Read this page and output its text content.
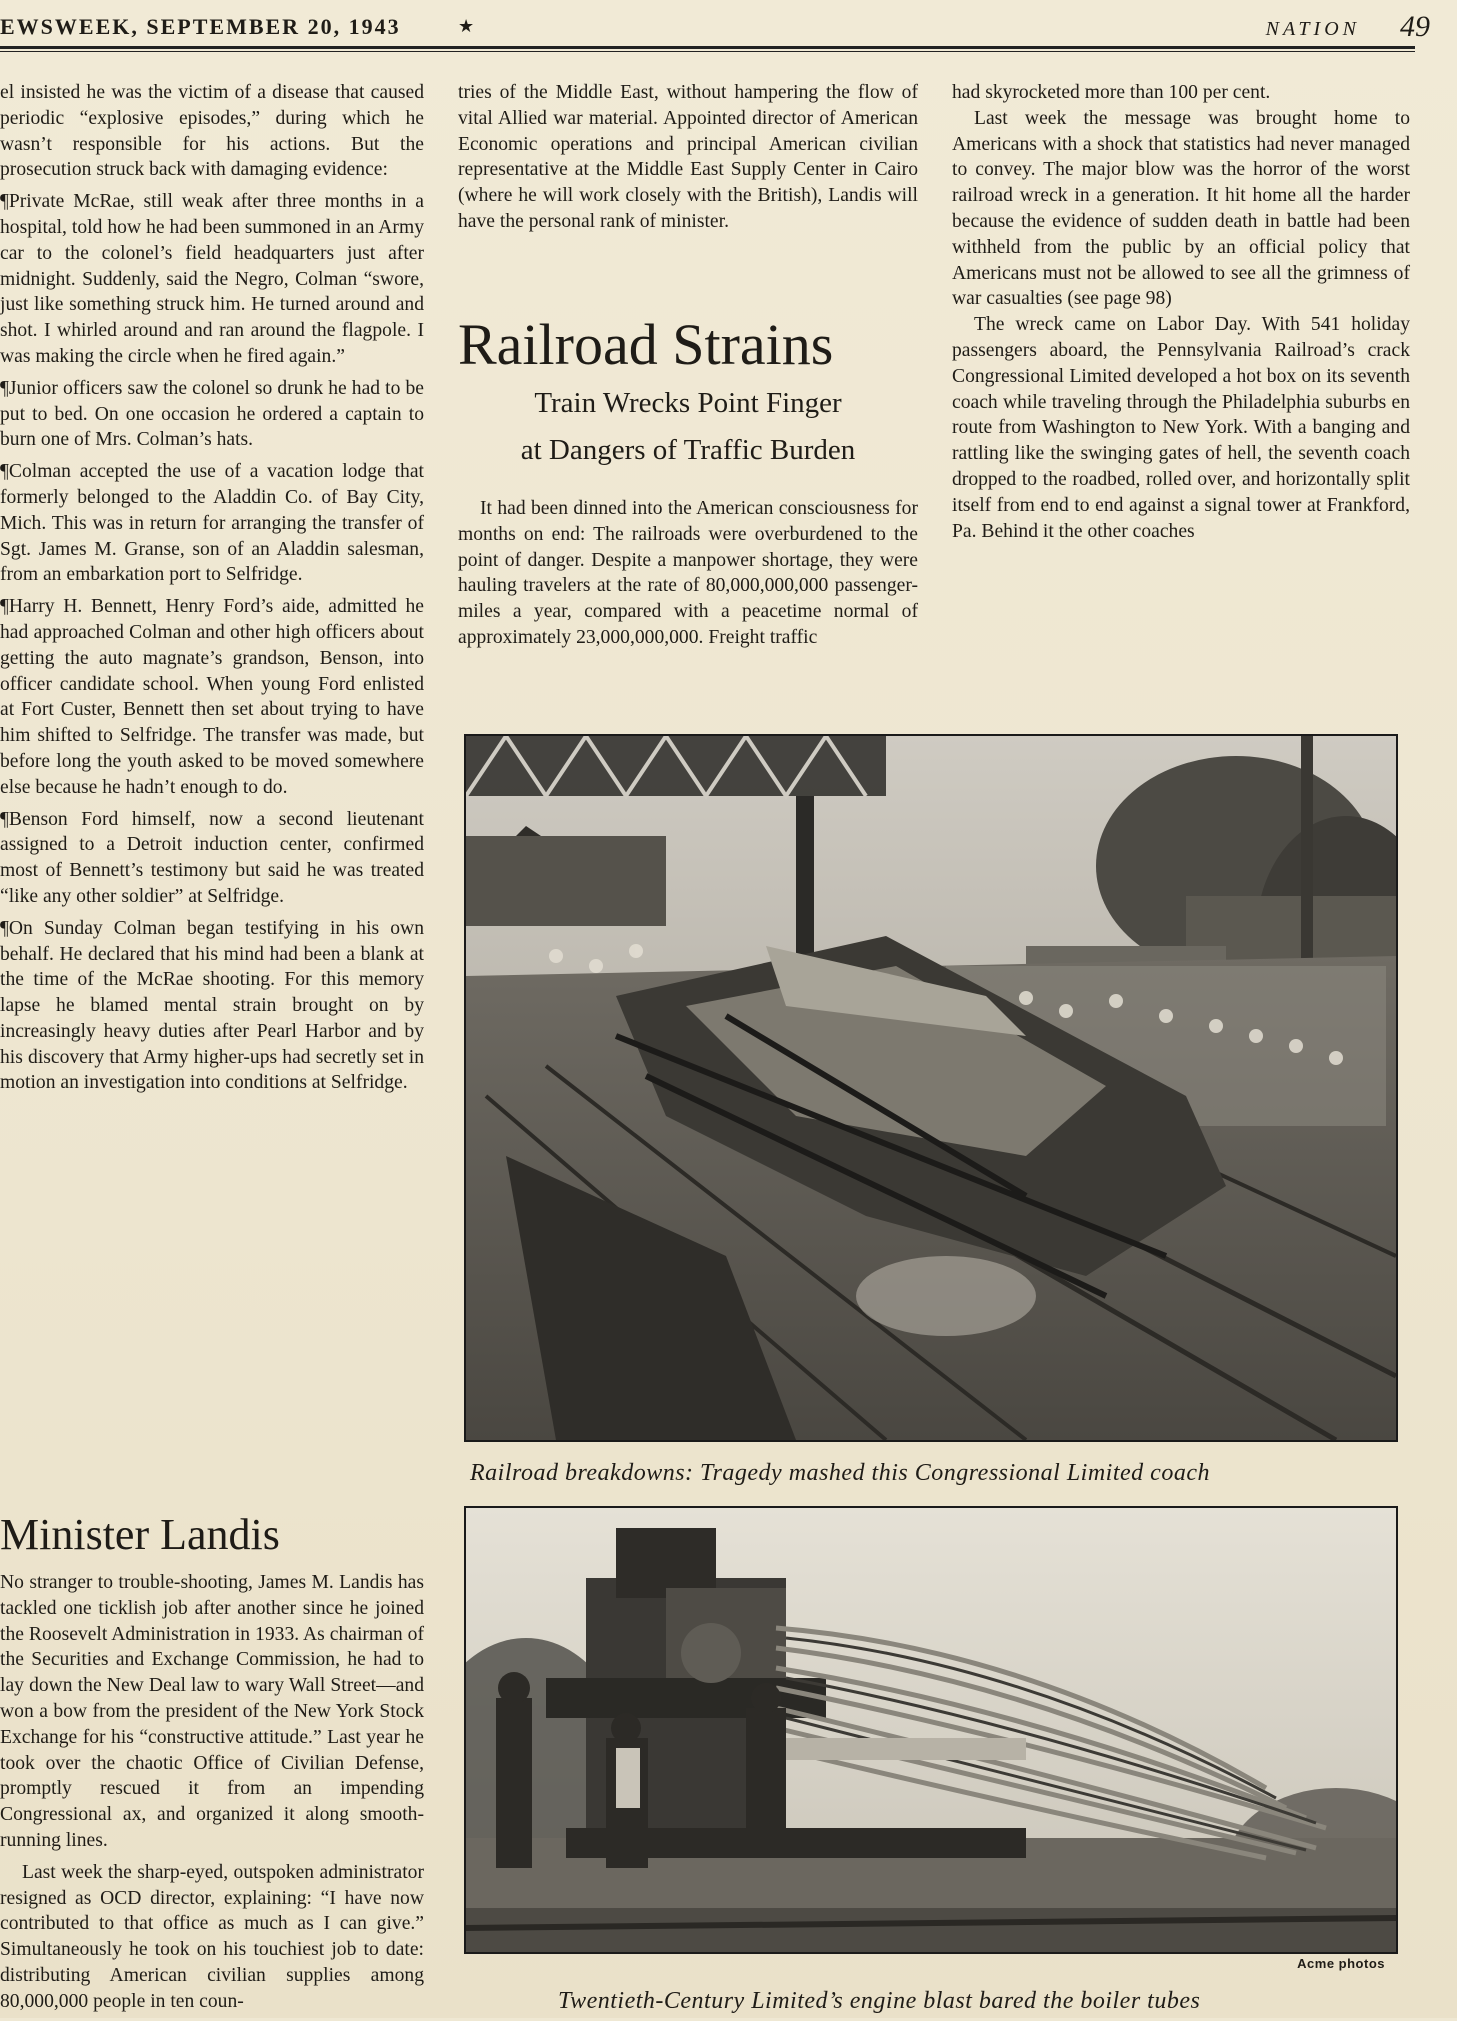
EWSWEEK, SEPTEMBER 20, 1943	★	NATION 49

el insisted he was the victim of a disease that caused periodic “explosive episodes,” during which he wasn’t responsible for his actions. But the prosecution struck back with damaging evidence:

¶Private McRae, still weak after three months in a hospital, told how he had been summoned in an Army car to the colonel’s field headquarters just after midnight. Suddenly, said the Negro, Colman “swore, just like something struck him. He turned around and shot. I whirled around and ran around the flagpole. I was making the circle when he fired again.”

¶Junior officers saw the colonel so drunk he had to be put to bed. On one occasion he ordered a captain to burn one of Mrs. Colman’s hats.

¶Colman accepted the use of a vacation lodge that formerly belonged to the Aladdin Co. of Bay City, Mich. This was in return for arranging the transfer of Sgt. James M. Granse, son of an Aladdin salesman, from an embarkation port to Selfridge.

¶Harry H. Bennett, Henry Ford’s aide, admitted he had approached Colman and other high officers about getting the auto magnate’s grandson, Benson, into officer candidate school. When young Ford enlisted at Fort Custer, Bennett then set about trying to have him shifted to Selfridge. The transfer was made, but before long the youth asked to be moved somewhere else because he hadn’t enough to do.

¶Benson Ford himself, now a second lieutenant assigned to a Detroit induction center, confirmed most of Bennett’s testimony but said he was treated “like any other soldier” at Selfridge.

¶On Sunday Colman began testifying in his own behalf. He declared that his mind had been a blank at the time of the McRae shooting. For this memory lapse he blamed mental strain brought on by increasingly heavy duties after Pearl Harbor and by his discovery that Army higher-ups had secretly set in motion an investigation into conditions at Selfridge.

Minister Landis

No stranger to trouble-shooting, James M. Landis has tackled one ticklish job after another since he joined the Roosevelt Administration in 1933. As chairman of the Securities and Exchange Commission, he had to lay down the New Deal law to wary Wall Street—and won a bow from the president of the New York Stock Exchange for his “constructive attitude.” Last year he took over the chaotic Office of Civilian Defense, promptly rescued it from an impending Congressional ax, and organized it along smooth-running lines.

Last week the sharp-eyed, outspoken administrator resigned as OCD director, explaining: “I have now contributed to that office as much as I can give.” Simultaneously he took on his touchiest job to date: distributing American civilian supplies among 80,000,000 people in ten coun-

tries of the Middle East, without hampering the flow of vital Allied war material. Appointed director of American Economic operations and principal American civilian representative at the Middle East Supply Center in Cairo (where he will work closely with the British), Landis will have the personal rank of minister.

Railroad Strains
Train Wrecks Point Finger
at Dangers of Traffic Burden

It had been dinned into the American consciousness for months on end: The railroads were overburdened to the point of danger. Despite a manpower shortage, they were hauling travelers at the rate of 80,000,000,000 passenger-miles a year, compared with a peacetime normal of approximately 23,000,000,000. Freight traffic

had skyrocketed more than 100 per cent.

Last week the message was brought home to Americans with a shock that statistics had never managed to convey. The major blow was the horror of the worst railroad wreck in a generation. It hit home all the harder because the evidence of sudden death in battle had been withheld from the public by an official policy that Americans must not be allowed to see all the grimness of war casualties (see page 98)

The wreck came on Labor Day. With 541 holiday passengers aboard, the Pennsylvania Railroad’s crack Congressional Limited developed a hot box on its seventh coach while traveling through the Philadelphia suburbs en route from Washington to New York. With a banging and rattling like the swinging gates of hell, the seventh coach dropped to the roadbed, rolled over, and horizontally split itself from end to end against a signal tower at Frankford, Pa. Behind it the other coaches

Railroad breakdowns: Tragedy mashed this Congressional Limited coach
Acme photos
Twentieth-Century Limited’s engine blast bared the boiler tubes
